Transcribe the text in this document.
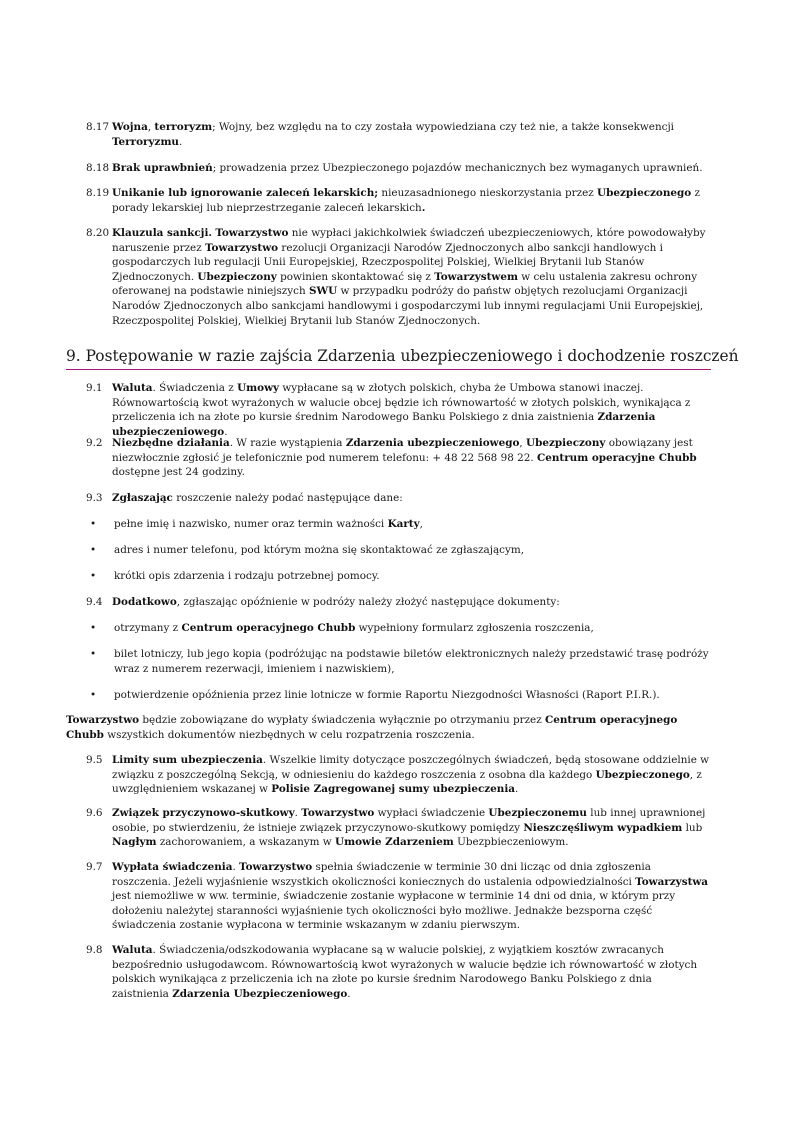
8.17 Wojna, terroryzm; Wojny, bez względu na to czy została wypowiedziana czy też nie, a także konsekwencji Terroryzmu.
8.18 Brak uprawbnień; prowadzenia przez Ubezpieczonego pojazdów mechanicznych bez wymaganych uprawnień.
8.19 Unikanie lub ignorowanie zaleceń lekarskich; nieuzasadnionego nieskorzystania przez Ubezpieczonego z porady lekarskiej lub nieprzestrzeganie zaleceń lekarskich.
8.20 Klauzula sankcji. Towarzystwo nie wypłaci jakichkolwiek świadczeń ubezpieczeniowych, które powodowałyby naruszenie przez Towarzystwo rezolucji Organizacji Narodów Zjednoczonych albo sankcji handlowych i gospodarczych lub regulacji Unii Europejskiej, Rzeczpospolitej Polskiej, Wielkiej Brytanii lub Stanów Zjednoczonych. Ubezpieczony powinien skontaktować się z Towarzystwem w celu ustalenia zakresu ochrony oferowanej na podstawie niniejszych SWU w przypadku podróży do państw objętych rezolucjami Organizacji Narodów Zjednoczonych albo sankcjami handlowymi i gospodarczymi lub innymi regulacjami Unii Europejskiej, Rzeczpospolitej Polskiej, Wielkiej Brytanii lub Stanów Zjednoczonych.
9. Postępowanie w razie zajścia Zdarzenia ubezpieczeniowego i dochodzenie roszczeń
9.1 Waluta. Świadczenia z Umowy wypłacane są w złotych polskich, chyba że Umbowa stanowi inaczej. Równowartością kwot wyrażonych w walucie obcej będzie ich równowartość w złotych polskich, wynikająca z przeliczenia ich na złote po kursie średnim Narodowego Banku Polskiego z dnia zaistnienia Zdarzenia ubezpieczeniowego.
9.2 Niezbędne działania. W razie wystąpienia Zdarzenia ubezpieczeniowego, Ubezpieczony obowiązany jest niezwłocznie zgłosić je telefonicznie pod numerem telefonu: + 48 22 568 98 22. Centrum operacyjne Chubb dostępne jest 24 godziny.
9.3 Zgłaszając roszczenie należy podać następujące dane:
• pełne imię i nazwisko, numer oraz termin ważności Karty,
• adres i numer telefonu, pod którym można się skontaktować ze zgłaszającym,
• krótki opis zdarzenia i rodzaju potrzebnej pomocy.
9.4 Dodatkowo, zgłaszając opóźnienie w podróży należy złożyć następujące dokumenty:
• otrzymany z Centrum operacyjnego Chubb wypełniony formularz zgłoszenia roszczenia,
• bilet lotniczy, lub jego kopia (podróżując na podstawie biletów elektronicznych należy przedstawić trasę podróży wraz z numerem rezerwacji, imieniem i nazwiskiem),
• potwierdzenie opóźnienia przez linie lotnicze w formie Raportu Niezgodności Własności (Raport P.I.R.).
Towarzystwo będzie zobowiązane do wypłaty świadczenia wyłącznie po otrzymaniu przez Centrum operacyjnego Chubb wszystkich dokumentów niezbędnych w celu rozpatrzenia roszczenia.
9.5 Limity sum ubezpieczenia. Wszelkie limity dotyczące poszczególnych świadczeń, będą stosowane oddzielnie w związku z poszczególną Sekcją, w odniesieniu do każdego roszczenia z osobna dla każdego Ubezpieczonego, z uwzględnieniem wskazanej w Polisie Zagregowanej sumy ubezpieczenia.
9.6 Związek przyczynowo-skutkowy. Towarzystwo wypłaci świadczenie Ubezpieczonemu lub innej uprawnionej osobie, po stwierdzeniu, że istnieje związek przyczynowo-skutkowy pomiędzy Nieszczęśliwym wypadkiem lub Nagłym zachorowaniem, a wskazanym w Umowie Zdarzeniem Ubezpbieczeniowym.
9.7 Wypłata świadczenia. Towarzystwo spełnia świadczenie w terminie 30 dni licząc od dnia zgłoszenia roszczenia. Jeżeli wyjaśnienie wszystkich okoliczności koniecznych do ustalenia odpowiedzialności Towarzystwa jest niemożliwe w ww. terminie, świadczenie zostanie wypłacone w terminie 14 dni od dnia, w którym przy dołożeniu należytej staranności wyjaśnienie tych okoliczności było możliwe. Jednakże bezsporna część świadczenia zostanie wypłacona w terminie wskazanym w zdaniu pierwszym.
9.8 Waluta. Świadczenia/odszkodowania wypłacane są w walucie polskiej, z wyjątkiem kosztów zwracanych bezpośrednio usługodawcom. Równowartością kwot wyrażonych w walucie będzie ich równowartość w złotych polskich wynikająca z przeliczenia ich na złote po kursie średnim Narodowego Banku Polskiego z dnia zaistnienia Zdarzenia Ubezpieczeniowego.
